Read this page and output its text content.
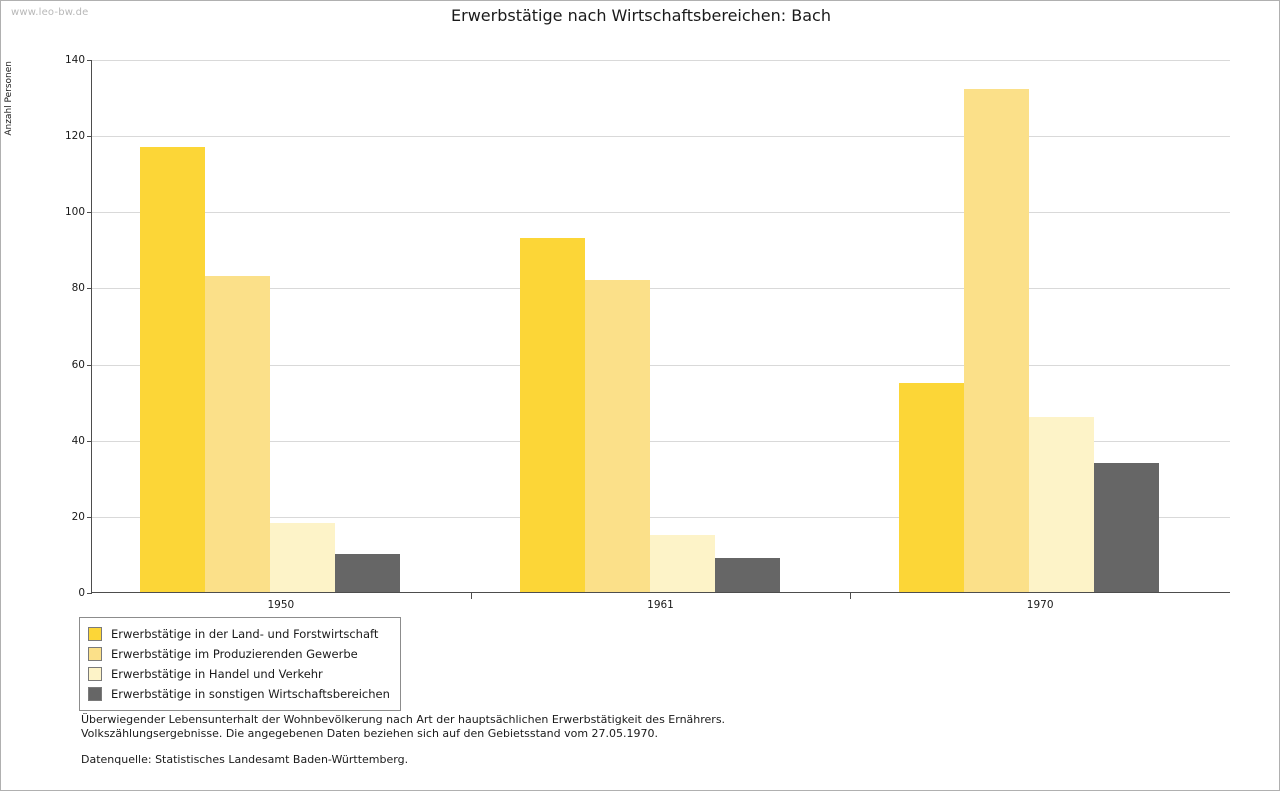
www.leo-bw.de	Erwerbstätige nach Wirtschaftsbereichen: Bach
Anzahl Personen
0
20
40
60
80
100
120
140
Erwerbstätige in der Land- und Forstwirtschaft
Erwerbstätige im Produzierenden Gewerbe
Erwerbstätige in Handel und Verkehr
Erwerbstätige in sonstigen Wirtschaftsbereichen
Überwiegender Lebensunterhalt der Wohnbevölkerung nach Art der hauptsächlichen Erwerbstätigkeit des Ernährers.
Volkszählungsergebnisse. Die angegebenen Daten beziehen sich auf den Gebietsstand vom 27.05.1970.
Datenquelle: Statistisches Landesamt Baden-Württemberg.
1950	1961	1970
